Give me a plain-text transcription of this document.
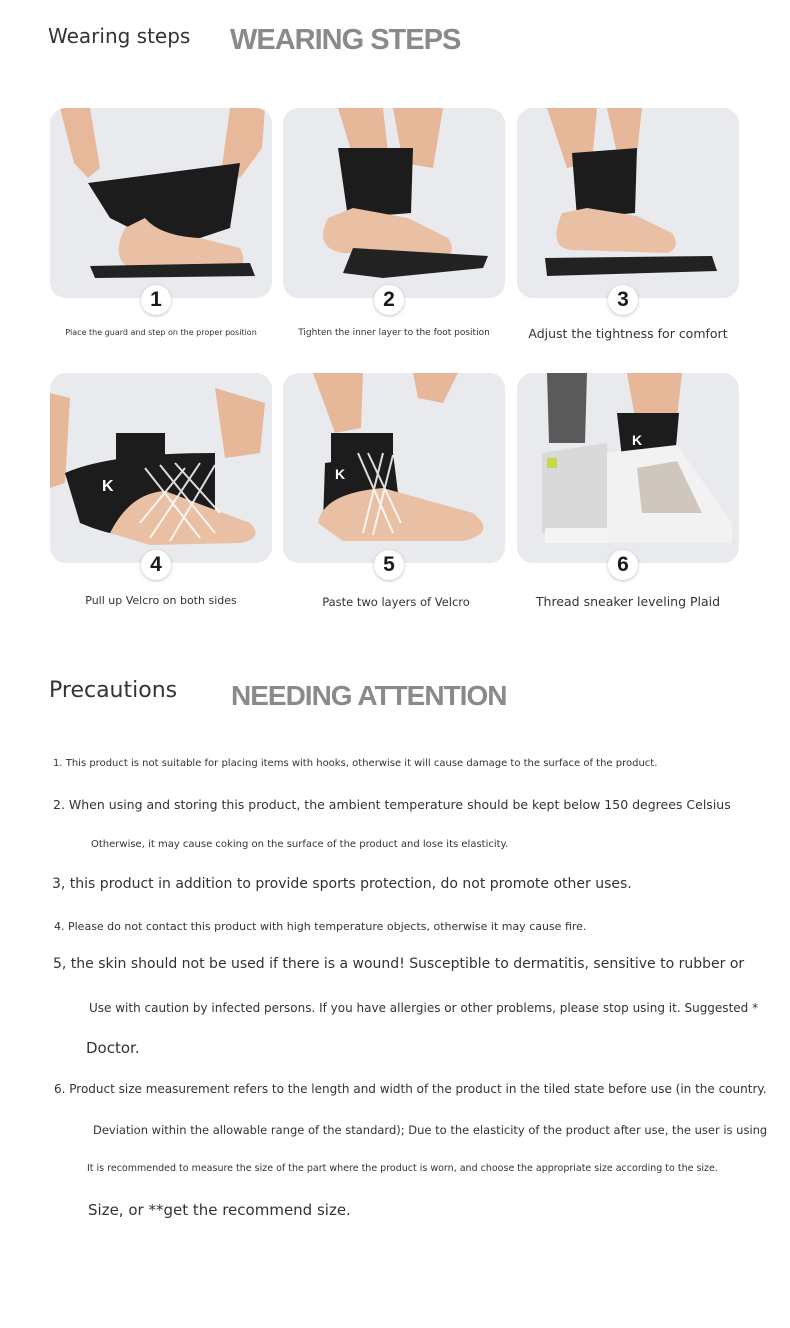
Wearing steps WEARING STEPS
1	2	3
Place the guard and step on the proper position	Tighten the inner layer to the foot position	Adjust the tightness for comfort
K
K
K
4	5	6
Pull up Velcro on both sides	Paste two layers of Velcro	Thread sneaker leveling Plaid
Precautions NEEDING ATTENTION
1. This product is not suitable for placing items with hooks, otherwise it will cause damage to the surface of the product.
2. When using and storing this product, the ambient temperature should be kept below 150 degrees Celsius
Otherwise, it may cause coking on the surface of the product and lose its elasticity.
3, this product in addition to provide sports protection, do not promote other uses.
4. Please do not contact this product with high temperature objects, otherwise it may cause fire.
5, the skin should not be used if there is a wound! Susceptible to dermatitis, sensitive to rubber or
Use with caution by infected persons. If you have allergies or other problems, please stop using it. Suggested *
Doctor.
6. Product size measurement refers to the length and width of the product in the tiled state before use (in the country.
Deviation within the allowable range of the standard); Due to the elasticity of the product after use, the user is using
It is recommended to measure the size of the part where the product is worn, and choose the appropriate size according to the size.
Size, or **get the recommend size.
